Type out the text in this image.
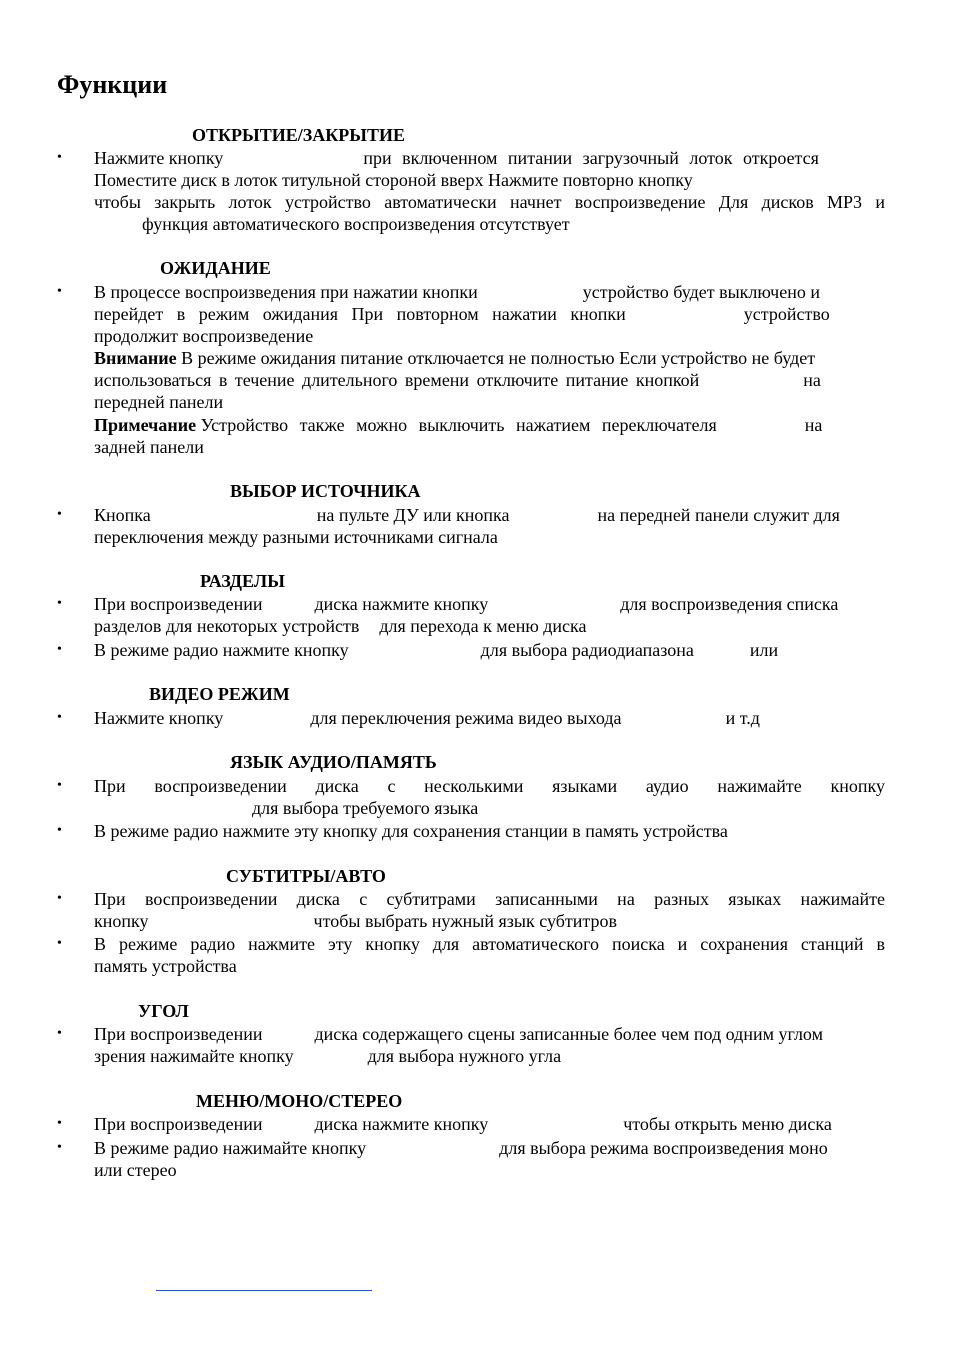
Функции
ОТКРЫТИЕ/ЗАКРЫТИЕ
•
Нажмите кнопку	при включенном питании загрузочный лоток откроется
Поместите диск в лоток титульной стороной вверх Нажмите повторно кнопку
чтобы закрыть лоток устройство автоматически начнет воспроизведение Для дисков MP3 и
функция автоматического воспроизведения отсутствует
ОЖИДАНИЕ
•
В процессе воспроизведения при нажатии кнопки	устройство будет выключено и
перейдет в режим ожидания При повторном нажатии кнопки	устройство
продолжит воспроизведение
Внимание В режиме ожидания питание отключается не полностью Если устройство не будет
использоваться в течение длительного времени отключите питание кнопкой	на
передней панели
Примечание Устройство также можно выключить нажатием переключателя	на
задней панели
ВЫБОР ИСТОЧНИКА
•
Кнопка	на пульте ДУ или кнопка	на передней панели служит для
переключения между разными источниками сигнала
РАЗДЕЛЫ
•
При воспроизведении	диска нажмите кнопку	для воспроизведения списка
разделов для некоторых устройств для перехода к меню диска
•
В режиме радио нажмите кнопку	для выбора радиодиапазона	или
ВИДЕО РЕЖИМ
•
Нажмите кнопку	для переключения режима видео выхода	и т.д
ЯЗЫК АУДИО/ПАМЯТЬ
•
При воспроизведении диска с несколькими языками аудио нажимайте кнопку
для выбора требуемого языка
•
В режиме радио нажмите эту кнопку для сохранения станции в память устройства
СУБТИТРЫ/АВТО
•
При воспроизведении диска с субтитрами записанными на разных языках нажимайте
кнопку	чтобы выбрать нужный язык субтитров
•
В режиме радио нажмите эту кнопку для автоматического поиска и сохранения станций в
память устройства
УГОЛ
•
При воспроизведении	диска содержащего сцены записанные более чем под одним углом
зрения нажимайте кнопку	для выбора нужного угла
МЕНЮ/МОНО/СТЕРЕО
•
При воспроизведении	диска нажмите кнопку	чтобы открыть меню диска
•
В режиме радио нажимайте кнопку	для выбора режима воспроизведения моно
или стерео
